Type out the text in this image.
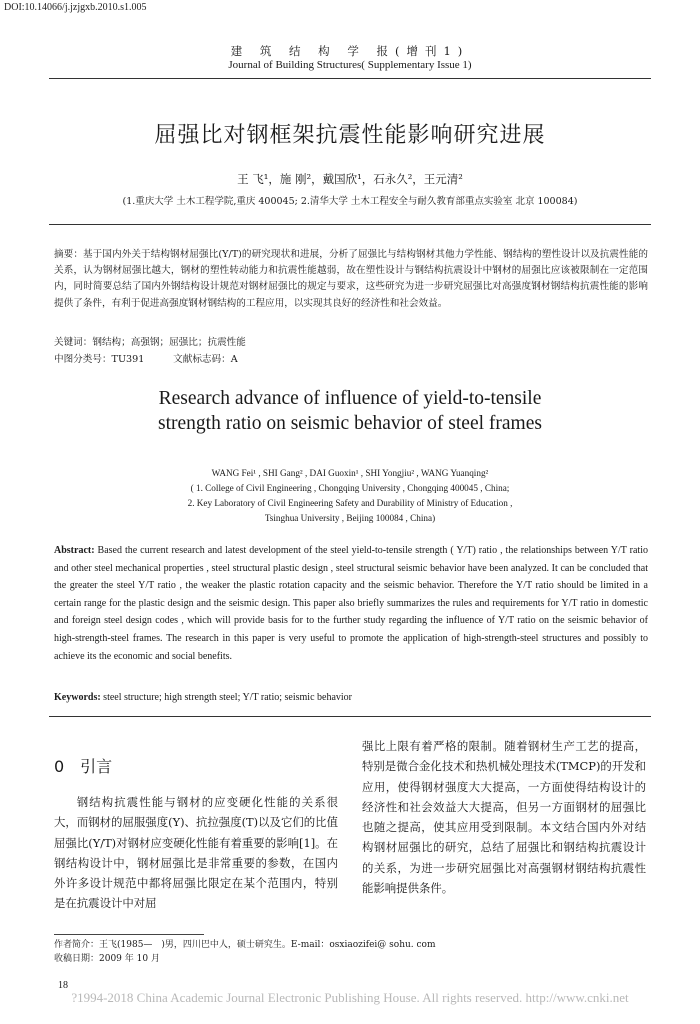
DOI:10.14066/j.jzjgxb.2010.s1.005
建 筑 结 构 学 报(增刊1)
Journal of Building Structures( Supplementary Issue 1)
屈强比对钢框架抗震性能影响研究进展
王 飞¹，施 刚²，戴国欣¹，石永久²，王元清²
(1.重庆大学 土木工程学院,重庆 400045; 2.清华大学 土木工程安全与耐久教育部重点实验室 北京 100084)
摘要：基于国内外关于结构钢材屈强比(Y/T)的研究现状和进展，分析了屈强比与结构钢材其他力学性能、钢结构的塑性设计以及抗震性能的关系，认为钢材屈强比越大，钢材的塑性转动能力和抗震性能越弱，故在塑性设计与钢结构抗震设计中钢材的屈强比应该被限制在一定范围内，同时简要总结了国内外钢结构设计规范对钢材屈强比的规定与要求，这些研究为进一步研究屈强比对高强度钢材钢结构抗震性能的影响提供了条件，有利于促进高强度钢材钢结构的工程应用，以实现其良好的经济性和社会效益。
关键词：钢结构；高强钢；屈强比；抗震性能
中图分类号：TU391　　　文献标志码：A
Research advance of influence of yield-to-tensile
strength ratio on seismic behavior of steel frames
WANG Fei¹ , SHI Gang² , DAI Guoxin¹ , SHI Yongjiu² , WANG Yuanqing²
( 1. College of Civil Engineering , Chongqing University , Chongqing 400045 , China;
2. Key Laboratory of Civil Engineering Safety and Durability of Ministry of Education ,
Tsinghua University , Beijing 100084 , China)
Abstract: Based the current research and latest development of the steel yield-to-tensile strength ( Y/T) ratio , the relationships between Y/T ratio and other steel mechanical properties , steel structural plastic design , steel structural seismic behavior have been analyzed. It can be concluded that the greater the steel Y/T ratio , the weaker the plastic rotation capacity and the seismic behavior. Therefore the Y/T ratio should be limited in a certain range for the plastic design and the seismic design. This paper also briefly summarizes the rules and requirements for Y/T ratio in domestic and foreign steel design codes , which will provide basis for to the further study regarding the influence of Y/T ratio on the seismic behavior of high-strength-steel frames. The research in this paper is very useful to promote the application of high-strength-steel structures and possibly to achieve its the economic and social benefits.
Keywords: steel structure; high strength steel; Y/T ratio; seismic behavior
0　引言
钢结构抗震性能与钢材的应变硬化性能的关系很大，而钢材的屈服强度(Y)、抗拉强度(T)以及它们的比值屈强比(Y/T)对钢材应变硬化性能有着重要的影响[1]。在钢结构设计中，钢材屈强比是非常重要的参数，在国内外许多设计规范中都将屈强比限定在某个范围内，特别是在抗震设计中对屈
强比上限有着严格的限制。随着钢材生产工艺的提高，特别是微合金化技术和热机械处理技术(TMCP)的开发和应用，使得钢材强度大大提高，一方面使得结构设计的经济性和社会效益大大提高，但另一方面钢材的屈强比也随之提高，使其应用受到限制。本文结合国内外对结构钢材屈强比的研究，总结了屈强比和钢结构抗震设计的关系，为进一步研究屈强比对高强钢材钢结构抗震性能影响提供条件。
作者简介：王飞(1985—　)男，四川巴中人，硕士研究生。E-mail：osxiaozifei@ sohu. com
收稿日期：2009 年 10 月
18
?1994-2018 China Academic Journal Electronic Publishing House. All rights reserved. http://www.cnki.net
